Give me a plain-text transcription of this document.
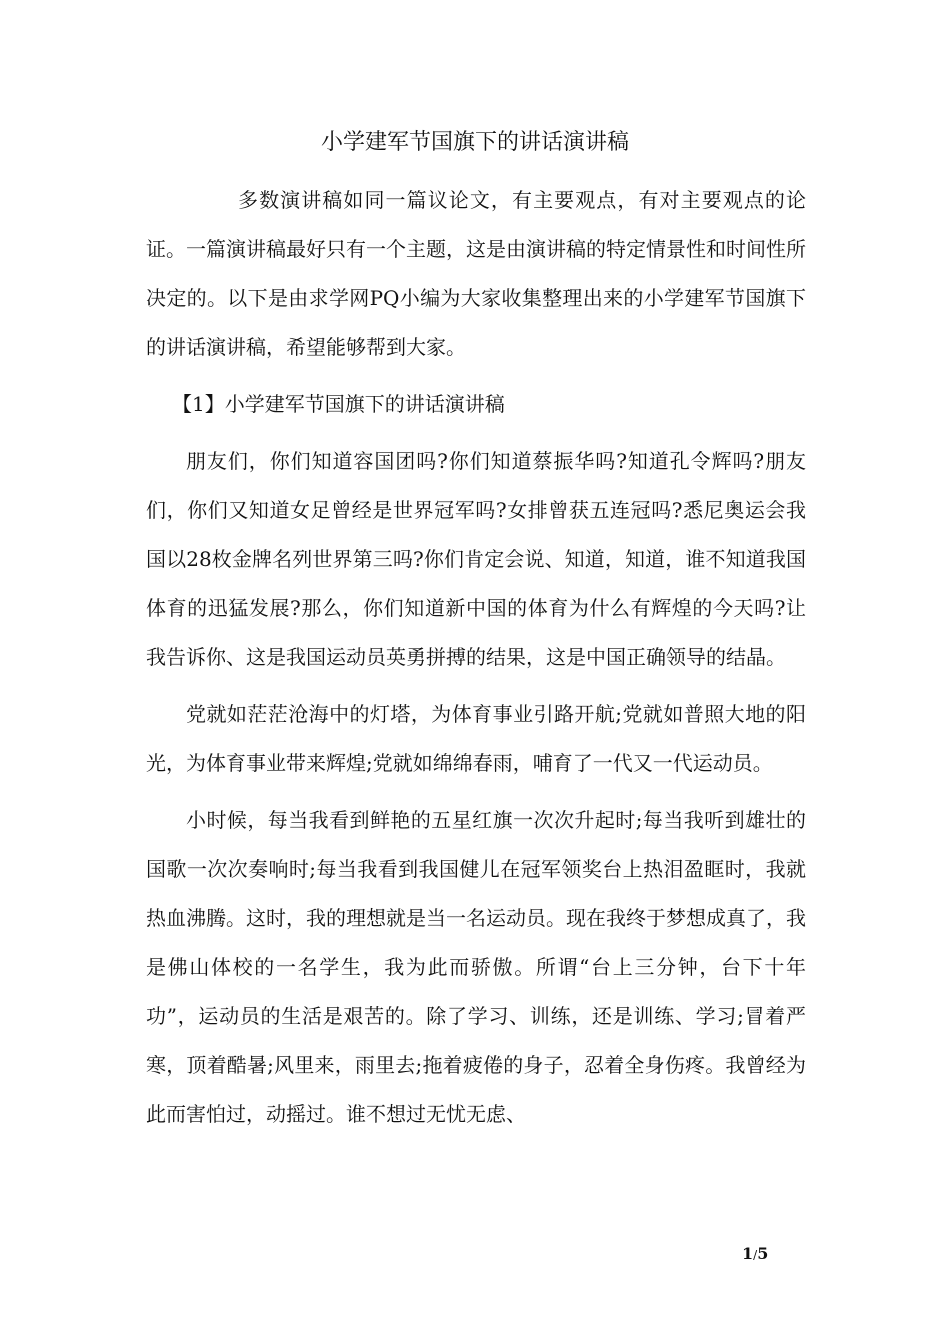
小学建军节国旗下的讲话演讲稿

多数演讲稿如同一篇议论文，有主要观点，有对主要观点的论证。一篇演讲稿最好只有一个主题，这是由演讲稿的特定情景性和时间性所决定的。以下是由求学网PQ小编为大家收集整理出来的小学建军节国旗下的讲话演讲稿，希望能够帮到大家。

【1】小学建军节国旗下的讲话演讲稿

朋友们，你们知道容国团吗?你们知道蔡振华吗?知道孔令辉吗?朋友们，你们又知道女足曾经是世界冠军吗?女排曾获五连冠吗?悉尼奥运会我国以28枚金牌名列世界第三吗?你们肯定会说、知道，知道，谁不知道我国体育的迅猛发展?那么，你们知道新中国的体育为什么有辉煌的今天吗?让我告诉你、这是我国运动员英勇拼搏的结果，这是中国正确领导的结晶。

党就如茫茫沧海中的灯塔，为体育事业引路开航;党就如普照大地的阳光，为体育事业带来辉煌;党就如绵绵春雨，哺育了一代又一代运动员。

小时候，每当我看到鲜艳的五星红旗一次次升起时;每当我听到雄壮的国歌一次次奏响时;每当我看到我国健儿在冠军领奖台上热泪盈眶时，我就热血沸腾。这时，我的理想就是当一名运动员。现在我终于梦想成真了，我是佛山体校的一名学生，我为此而骄傲。所谓“台上三分钟，台下十年功”，运动员的生活是艰苦的。除了学习、训练，还是训练、学习;冒着严寒，顶着酷暑;风里来，雨里去;拖着疲倦的身子，忍着全身伤疼。我曾经为此而害怕过，动摇过。谁不想过无忧无虑、

1/5
